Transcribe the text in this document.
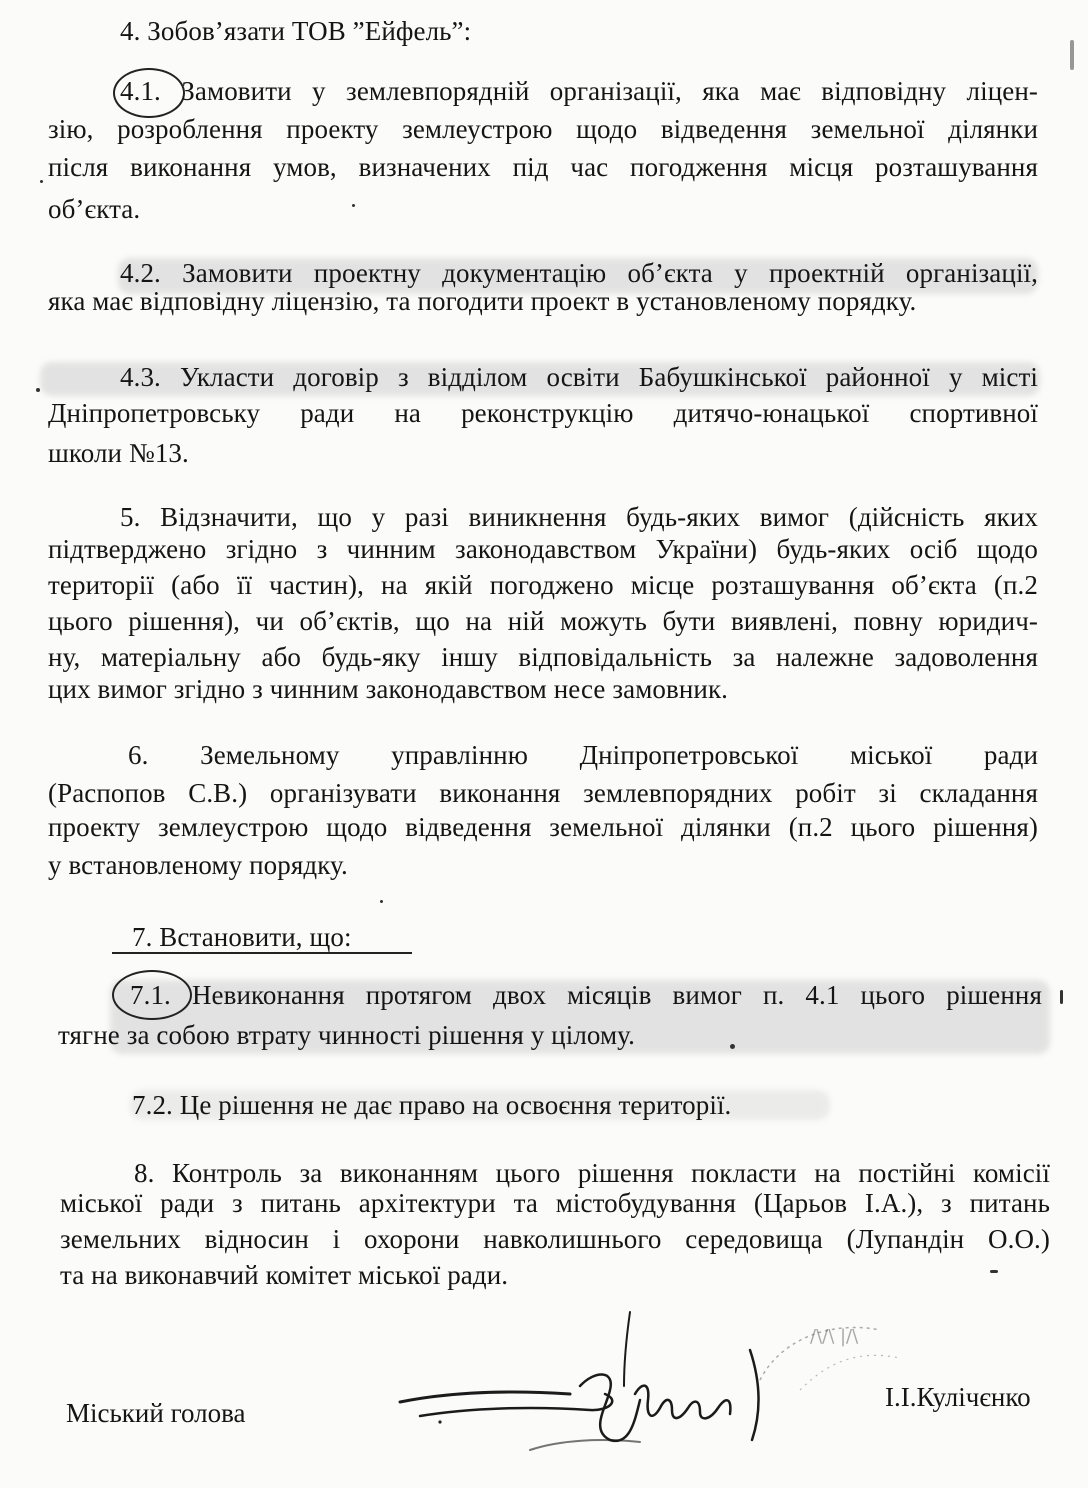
4. Зобов’язати ТОВ ”Ейфель”:
4.1. Замовити у землевпорядній організації, яка має відповідну ліцен-
зію, розроблення проекту землеустрою щодо відведення земельної ділянки
після виконання умов, визначених під час погодження місця розташування
об’єкта.
4.2. Замовити проектну документацію об’єкта у проектній організації,
яка має відповідну ліцензію, та погодити проект в установленому порядку.
4.3. Укласти договір з відділом освіти Бабушкінської районної у місті
Дніпропетровську ради на реконструкцію дитячо-юнацької спортивної
школи №13.
5. Відзначити, що у разі виникнення будь-яких вимог (дійсність яких
підтверджено згідно з чинним законодавством України) будь-яких осіб щодо
території (або її частин), на якій погоджено місце розташування об’єкта (п.2
цього рішення), чи об’єктів, що на ній можуть бути виявлені, повну юридич-
ну, матеріальну або будь-яку іншу відповідальність за належне задоволення
цих вимог згідно з чинним законодавством несе замовник.
6. Земельному управлінню Дніпропетровської міської ради
(Распопов С.В.) організувати виконання землевпорядних робіт зі складання
проекту землеустрою щодо відведення земельної ділянки (п.2 цього рішення)
у встановленому порядку.
7. Встановити, що:
7.1. Невиконання протягом двох місяців вимог п. 4.1 цього рішення
тягне за собою втрату чинності рішення у цілому.
7.2. Це рішення не дає право на освоєння території.
8. Контроль за виконанням цього рішення покласти на постійні комісії
міської ради з питань архітектури та містобудування (Царьов І.А.), з питань
земельних відносин і охорони навколишнього середовища (Лупандін О.О.)
та на виконавчий комітет міської ради.
Міський голова
І.І.Кулічєнко
/\/\ |/\
